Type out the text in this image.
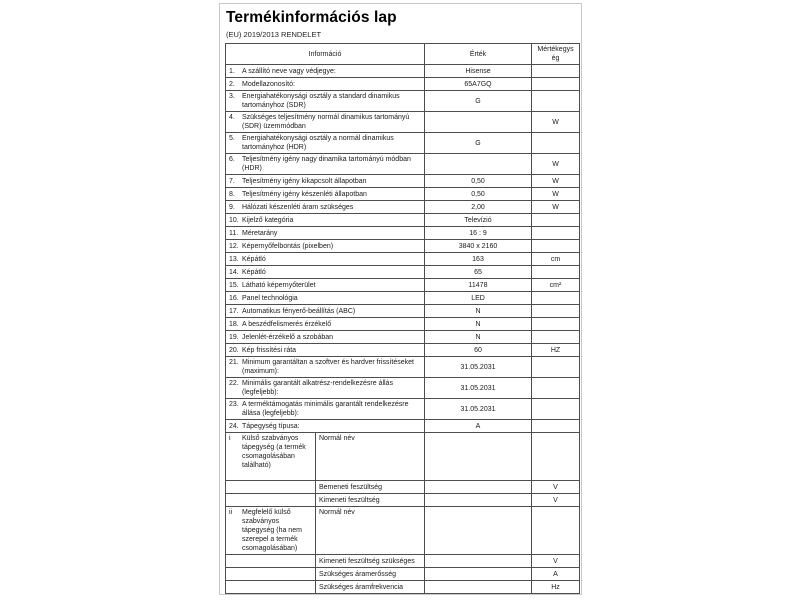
Termékinformációs lap
(EU) 2019/2013 RENDELET
Információ		Érték	Mértékegység

1. A szállító neve vagy védjegye:		Hisense	

2. Modellazonosító:		65A7GQ	

3. Energiahatékonysági osztály a standard dinamikus tartományhoz (SDR)		G	

4. Szükséges teljesítmény normál dinamikus tartományú (SDR) üzemmódban			W

5. Energiahatékonysági osztály a normál dinamikus tartományhoz (HDR)		G	

6. Teljesítmény igény nagy dinamika tartományú módban (HDR)			W

7. Teljesítmény igény kikapcsolt állapotban		0,50	W

8. Teljesítmény igény készenléti állapotban		0,50	W

9. Hálózati készenléti áram szükséges		2,00	W

10. Kijelző kategória		Televízió	

11. Méretarány		16 : 9	

12. Képernyőfelbontás (pixelben)		3840 x 2160	

13. Képátló		163	cm

14. Képátló		65	

15. Látható képernyőterület		11478	cm²

16. Panel technológia		LED	

17. Automatikus fényerő-beállítás (ABC)		N	

18. A beszédfelismerés érzékelő		N	

19. Jelenlét-érzékelő a szobában		N	

20. Kép frissítési ráta		60	HZ

21. Minimum garantáltan a szoftver és hardver frissítéseket (maximum):		31.05.2031	

22. Minimális garantált alkatrész-rendelkezésre állás (legfeljebb):		31.05.2031	

23. A terméktámogatás minimális garantált rendelkezésre állása (legfeljebb):		31.05.2031	

24. Tápegység típusa:		A	

i Külső szabványos tápegység (a termék csomagolásában található)	Normál név		
	Bemeneti feszültség		V
	Kimeneti feszültség		V

ii Megfelelő külső szabványos tápegység (ha nem szerepel a termék csomagolásában)	Normál név		
	Kimeneti feszültség szükséges		V
	Szükséges áramerősség		A
	Szükséges áramfrekvencia		Hz
